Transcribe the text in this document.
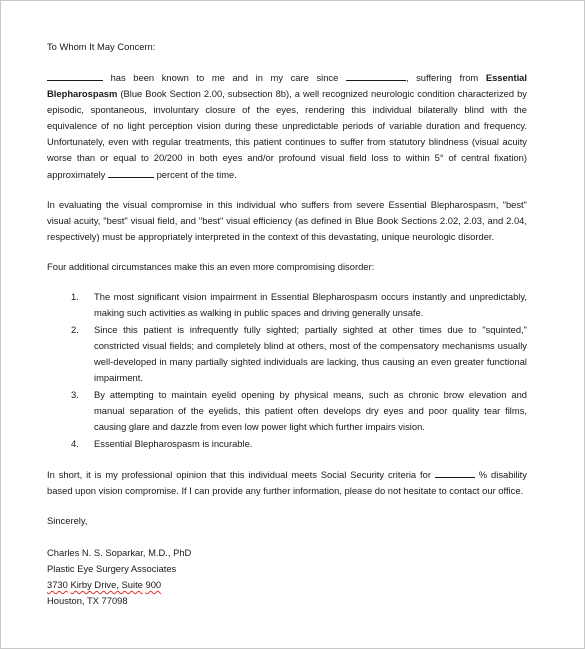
To Whom It May Concern:

has been known to me and in my care since	, suffering from Essential Blepharospasm (Blue Book Section 2.00, subsection 8b), a well recognized neurologic condition characterized by episodic, spontaneous, involuntary closure of the eyes, rendering this individual bilaterally blind with the equivalence of no light perception vision during these unpredictable periods of variable duration and frequency. Unfortunately, even with regular treatments, this patient continues to suffer from statutory blindness (visual acuity worse than or equal to 20/200 in both eyes and/or profound visual field loss to within 5° of central fixation) approximately	percent of the time.

In evaluating the visual compromise in this individual who suffers from severe Essential Blepharospasm, "best" visual acuity, "best" visual field, and "best" visual efficiency (as defined in Blue Book Sections 2.02, 2.03, and 2.04, respectively) must be appropriately interpreted in the context of this devastating, unique neurologic disorder.

Four additional circumstances make this an even more compromising disorder:

1. The most significant vision impairment in Essential Blepharospasm occurs instantly and unpredictably, making such activities as walking in public spaces and driving generally unsafe.
2. Since this patient is infrequently fully sighted; partially sighted at other times due to "squinted," constricted visual fields; and completely blind at others, most of the compensatory mechanisms usually well-developed in many partially sighted individuals are lacking, thus causing an even greater functional impairment.
3. By attempting to maintain eyelid opening by physical means, such as chronic brow elevation and manual separation of the eyelids, this patient often develops dry eyes and poor quality tear films, causing glare and dazzle from even low power light which further impairs vision.
4. Essential Blepharospasm is incurable.

In short, it is my professional opinion that this individual meets Social Security criteria for	% disability based upon vision compromise. If I can provide any further information, please do not hesitate to contact our office.

Sincerely,
Charles N. S. Soparkar, M.D., PhD
Plastic Eye Surgery Associates
3730 Kirby Drive, Suite 900
Houston, TX 77098
